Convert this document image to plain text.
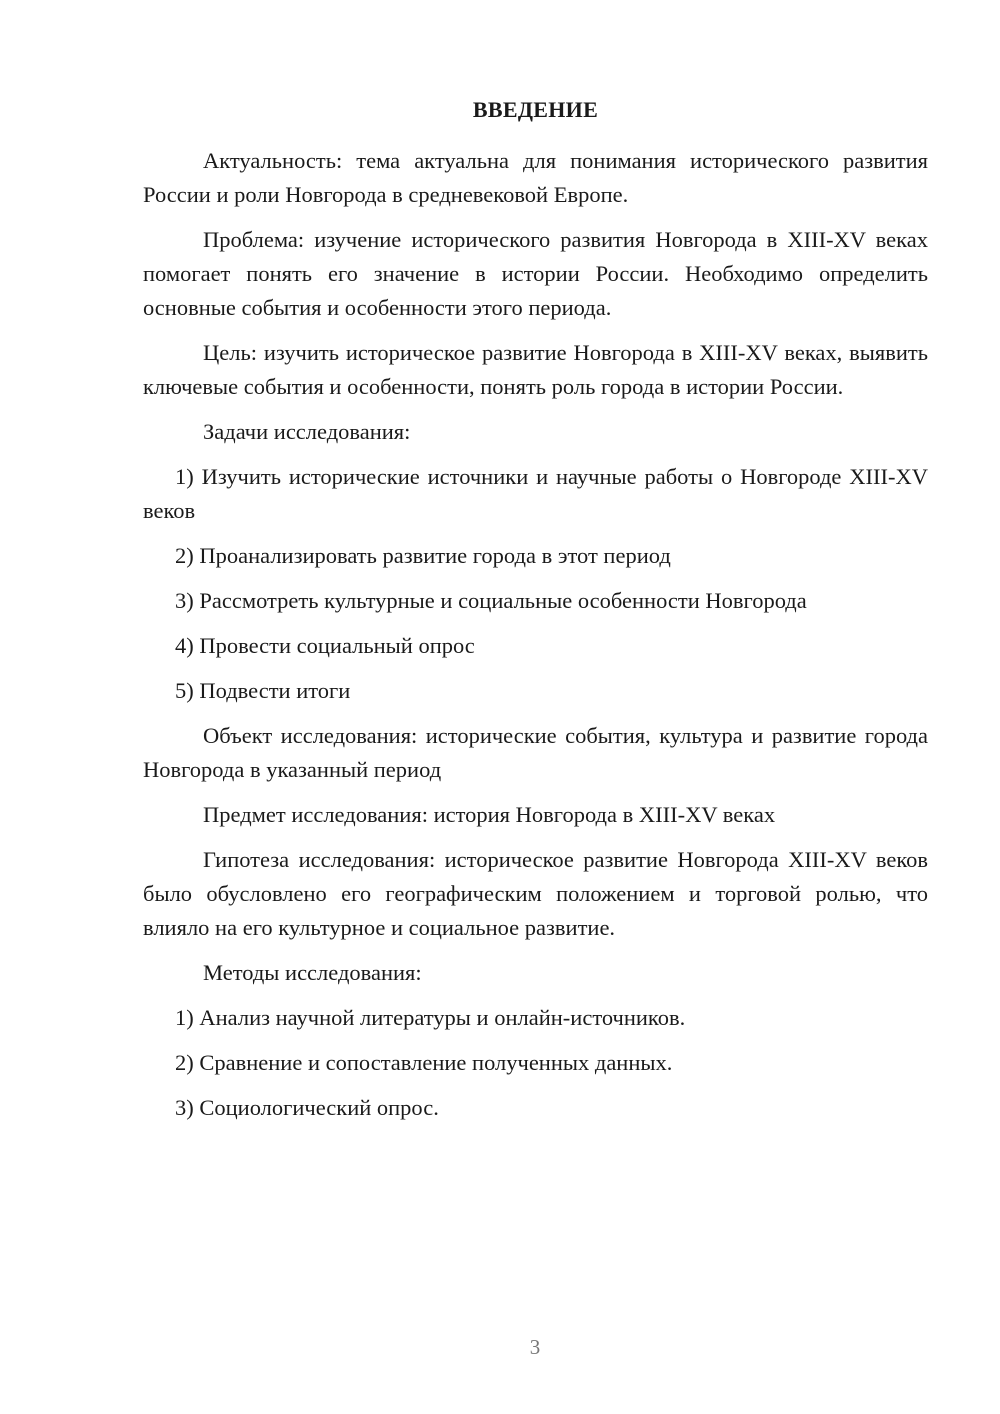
ВВЕДЕНИЕ

Актуальность: тема актуальна для понимания исторического развития России и роли Новгорода в средневековой Европе.

Проблема: изучение исторического развития Новгорода в XIII-XV веках помогает понять его значение в истории России. Необходимо определить основные события и особенности этого периода.

Цель: изучить историческое развитие Новгорода в XIII-XV веках, выявить ключевые события и особенности, понять роль города в истории России.

Задачи исследования:

1) Изучить исторические источники и научные работы о Новгороде XIII-XV веков

2) Проанализировать развитие города в этот период

3) Рассмотреть культурные и социальные особенности Новгорода

4) Провести социальный опрос

5) Подвести итоги

Объект исследования: исторические события, культура и развитие города Новгорода в указанный период

Предмет исследования: история Новгорода в XIII-XV веках

Гипотеза исследования: историческое развитие Новгорода XIII-XV веков было обусловлено его географическим положением и торговой ролью, что влияло на его культурное и социальное развитие.

Методы исследования:

1) Анализ научной литературы и онлайн-источников.

2) Сравнение и сопоставление полученных данных.

3) Социологический опрос.

3
